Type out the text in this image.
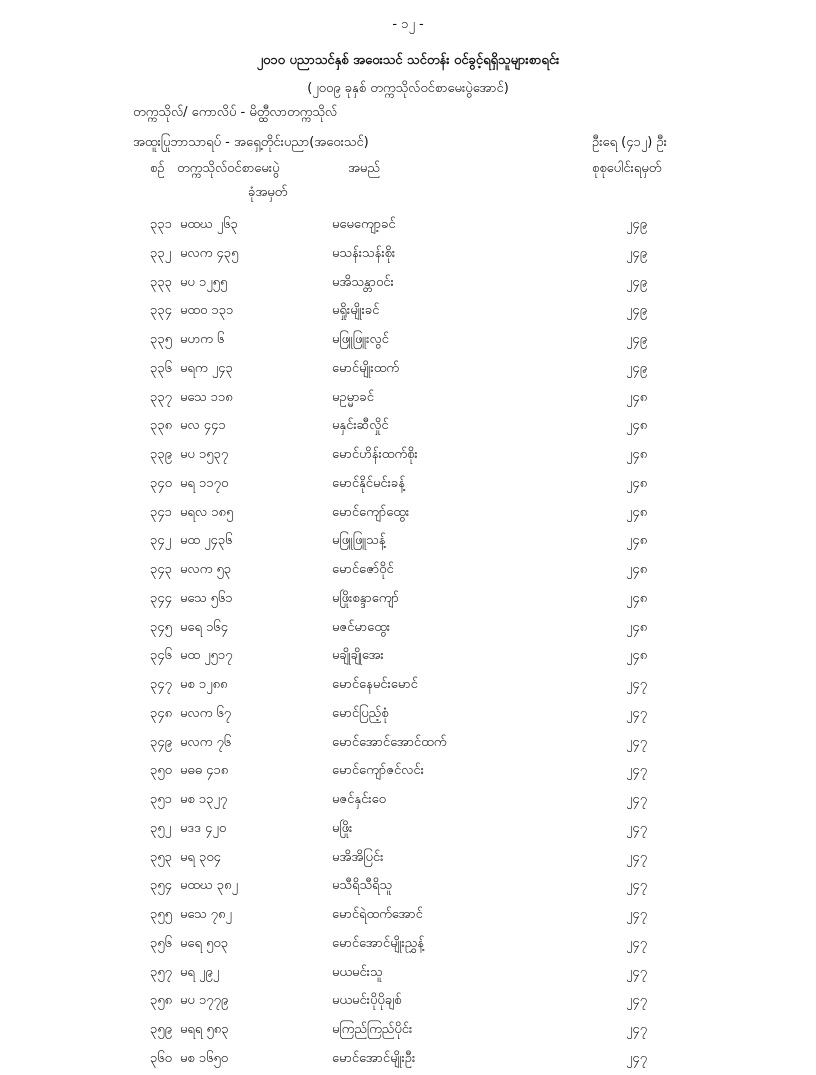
- ၁၂ -
၂၀၁၀ ပညာသင်နှစ် အဝေးသင် သင်တန်း ဝင်ခွင့်ရရှိသူများစာရင်း
(၂၀၀၉ ခုနှစ် တက္ကသိုလ်ဝင်စာမေးပွဲအောင်)
တက္ကသိုလ်/ ကောလိပ် - မိတ္ထီလာတက္ကသိုလ်
အထူးပြုဘာသာရပ် - အရှေ့တိုင်းပညာ(အဝေးသင်)	ဦးရေ (၄၁၂) ဦး
စဉ် တက္ကသိုလ်ဝင်စာမေးပွဲ	အမည်	စုစုပေါင်းရမှတ်
ခုံအမှတ်
၃၃၁ မထဃ ၂၆၃	မမေကျော့ခင်	၂၄၉
၃၃၂ မလက ၄၃၅	မသန်းသန်းစိုး	၂၄၉
၃၃၃ မပ ၁၂၅၅	မအိသန္တာဝင်း	၂၄၉
၃၃၄ မထဝ ၁၃၁	မရှိုးမျိုးခင်	၂၄၉
၃၃၅ မဟက ၆	မဖြူဖြူးလွင်	၂၄၉
၃၃၆ မရက ၂၄၃	မောင်မျိုးထက်	၂၄၉
၃၃၇ မသေ ၁၁၈	မဥမ္မာခင်	၂၄၈
၃၃၈ မလ ၄၄၁	မနှင်းဆီလှိုင်	၂၄၈
၃၃၉ မပ ၁၅၃၇	မောင်ဟိန်းထက်စိုး	၂၄၈
၃၄၀ မရ ၁၁၇၀	မောင်နိုင်မင်းခန့်	၂၄၈
၃၄၁ မရလ ၁၈၅	မောင်ကျော်ထွေး	၂၄၈
၃၄၂ မထ ၂၄၃၆	မဖြူဖြူသန့်	၂၄၈
၃၄၃ မလက ၅၃	မောင်ဇော်ဝိုင်	၂၄၈
၃၄၄ မသေ ၅၆၁	မဖြိုးစန္ဒာကျော်	၂၄၈
၃၄၅ မရေ ၁၆၄	မဇင်မာထွေး	၂၄၈
၃၄၆ မထ ၂၅၁၇	မချိုချိုအေး	၂၄၈
၃၄၇ မစ ၁၂၈၈	မောင်နေမင်းမောင်	၂၄၇
၃၄၈ မလက ၆၇	မောင်ပြည့်စုံ	၂၄၇
၃၄၉ မလက ၇၆	မောင်အောင်အောင်ထက်	၂၄၇
၃၅၀ မဓဓ ၄၁၈	မောင်ကျော်ဇင်လင်း	၂၄၇
၃၅၁ မစ ၁၃၂၇	မဇင်နှင်းဝေ	၂၄၇
၃၅၂ မဒဒ ၄၂၀	မဖြိုး	၂၄၇
၃၅၃ မရ ၃၀၄	မအိအိပြင်း	၂၄၇
၃၅၄ မထဃ ၃၈၂	မသီရိသီရိသူ	၂၄၇
၃၅၅ မသေ ၇၈၂	မောင်ရဲထက်အောင်	၂၄၇
၃၅၆ မရေ ၅၀၃	မောင်အောင်မျိုးညွှန့်	၂၄၇
၃၅၇ မရ ၂၉၂	မယမင်းသူ	၂၄၇
၃၅၈ မပ ၁၇၇၉	မယမင်းပိုပိုချစ်	၂၄၇
၃၅၉ မရရ ၅၈၃	မကြည်ကြည်ပိုင်း	၂၄၇
၃၆၀ မစ ၁၆၅၀	မောင်အောင်မျိုးဦး	၂၄၇
